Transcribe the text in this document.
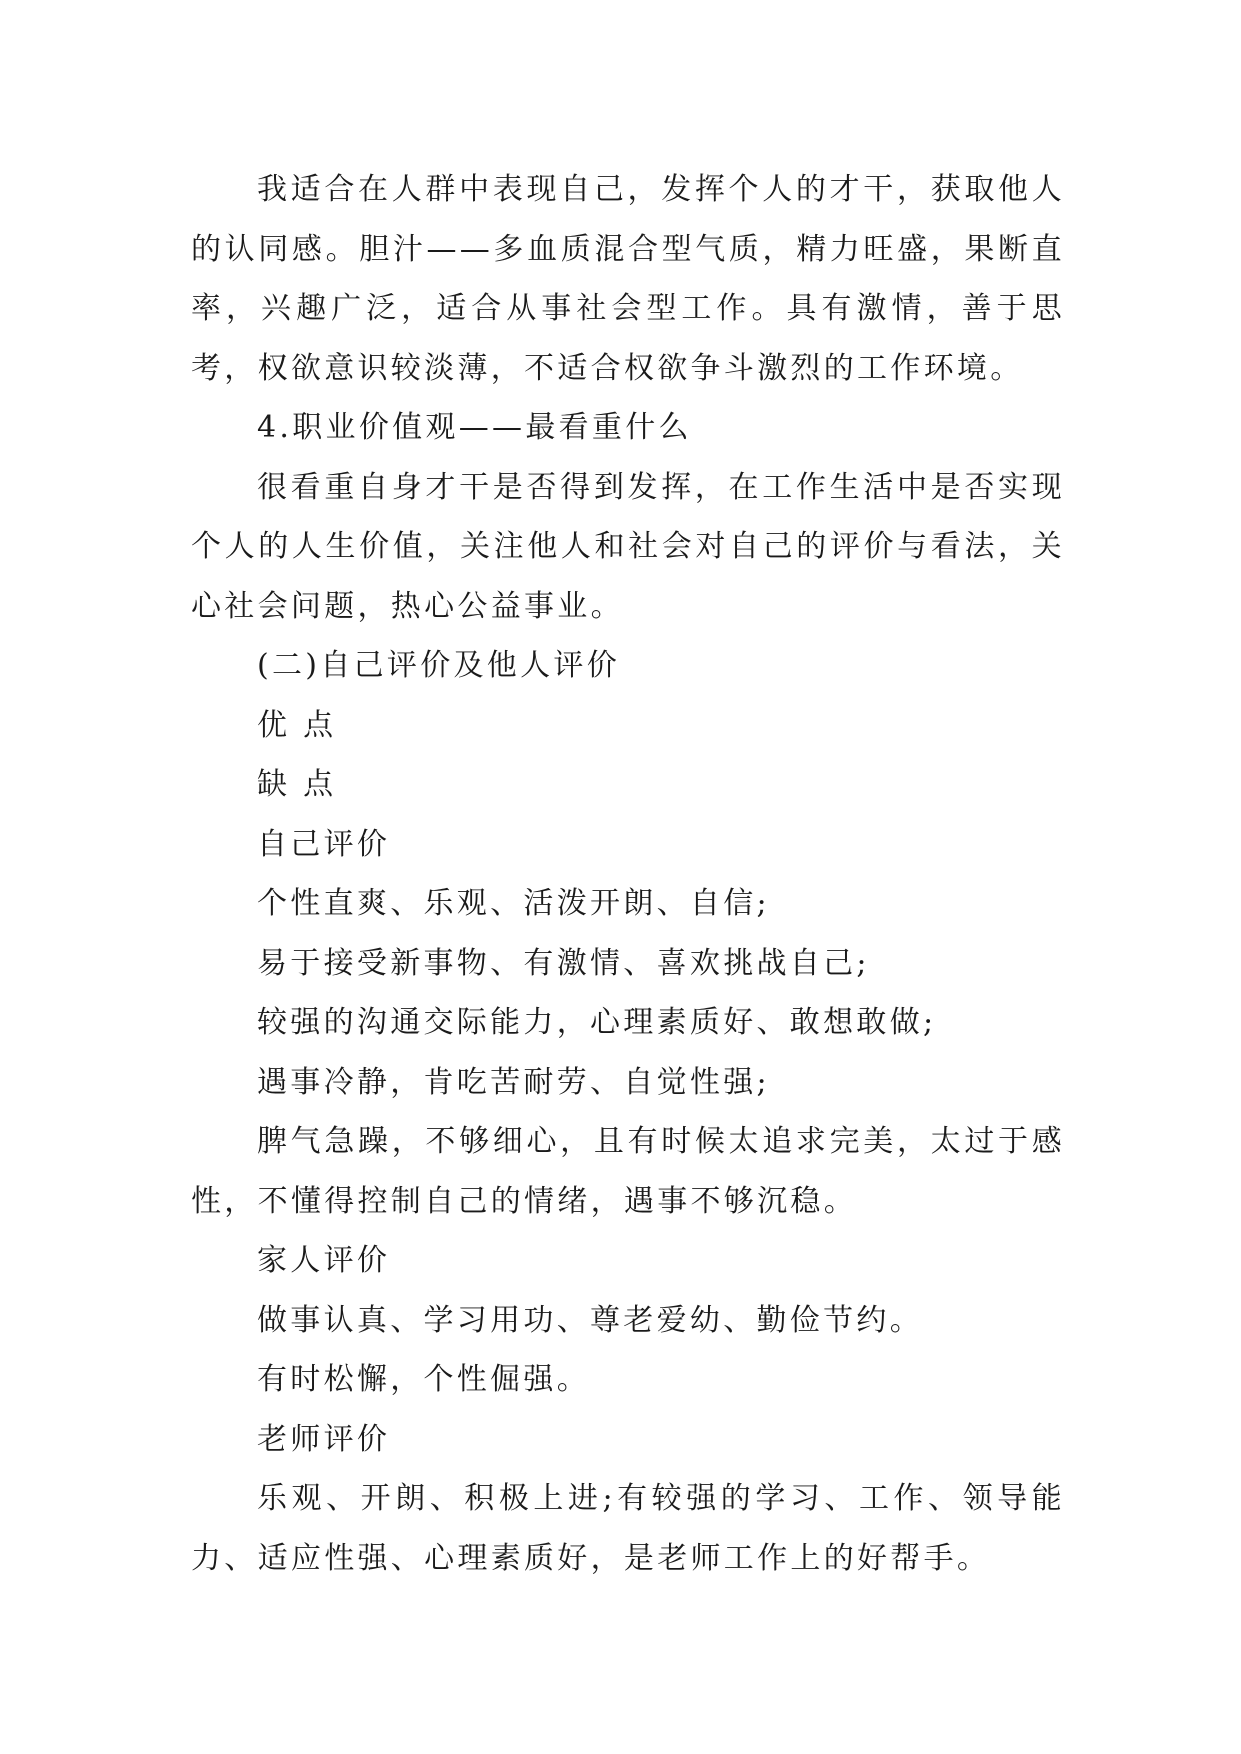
我适合在人群中表现自己，发挥个人的才干，获取他人的认同感。胆汁——多血质混合型气质，精力旺盛，果断直率，兴趣广泛，适合从事社会型工作。具有激情，善于思考，权欲意识较淡薄，不适合权欲争斗激烈的工作环境。

4.职业价值观——最看重什么

很看重自身才干是否得到发挥，在工作生活中是否实现个人的人生价值，关注他人和社会对自己的评价与看法，关心社会问题，热心公益事业。

(二)自己评价及他人评价

优 点

缺 点

自己评价

个性直爽、乐观、活泼开朗、自信;

易于接受新事物、有激情、喜欢挑战自己;

较强的沟通交际能力，心理素质好、敢想敢做;

遇事冷静，肯吃苦耐劳、自觉性强;

脾气急躁，不够细心，且有时候太追求完美，太过于感性，不懂得控制自己的情绪，遇事不够沉稳。

家人评价

做事认真、学习用功、尊老爱幼、勤俭节约。

有时松懈，个性倔强。

老师评价

乐观、开朗、积极上进;有较强的学习、工作、领导能力、适应性强、心理素质好，是老师工作上的好帮手。
